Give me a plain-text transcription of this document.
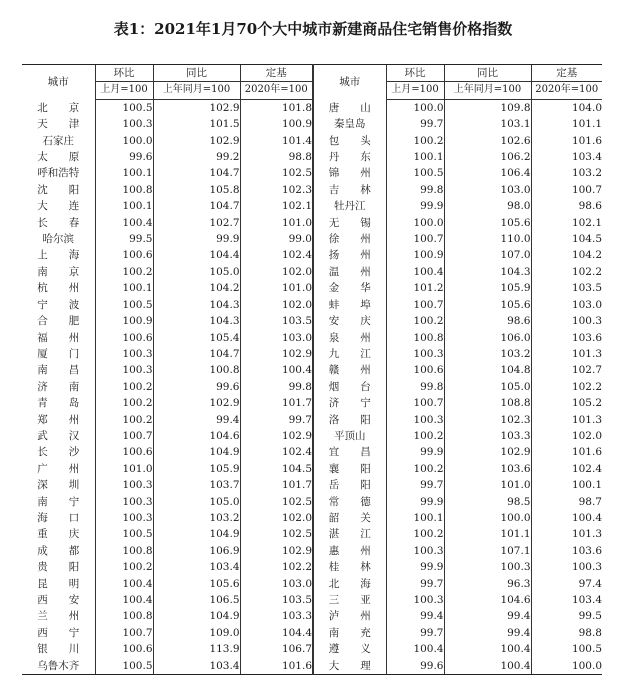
表1：2021年1月70个大中城市新建商品住宅销售价格指数
城市	环比	同比	定基	城市	环比	同比	定基
	上月=100	上年同月=100	2020年=100		上月=100	上年同月=100	2020年=100
北　　京	100.5	102.9	101.8	唐　　山	100.0	109.8	104.0
天　　津	100.3	101.5	100.9	秦皇岛	99.7	103.1	101.1
石家庄	100.0	102.9	101.4	包　　头	100.2	102.6	101.6
太　　原	99.6	99.2	98.8	丹　　东	100.1	106.2	103.4
呼和浩特	100.1	104.7	102.5	锦　　州	100.5	106.4	103.2
沈　　阳	100.8	105.8	102.3	吉　　林	99.8	103.0	100.7
大　　连	100.1	104.7	102.1	牡丹江	99.9	98.0	98.6
长　　春	100.4	102.7	101.0	无　　锡	100.0	105.6	102.1
哈尔滨	99.5	99.9	99.0	徐　　州	100.7	110.0	104.5
上　　海	100.6	104.4	102.4	扬　　州	100.9	107.0	104.2
南　　京	100.2	105.0	102.0	温　　州	100.4	104.3	102.2
杭　　州	100.1	104.2	101.0	金　　华	101.2	105.9	103.5
宁　　波	100.5	104.3	102.0	蚌　　埠	100.7	105.6	103.0
合　　肥	100.9	104.3	103.5	安　　庆	100.2	98.6	100.3
福　　州	100.6	105.4	103.0	泉　　州	100.8	106.0	103.6
厦　　门	100.3	104.7	102.9	九　　江	100.3	103.2	101.3
南　　昌	100.3	100.8	100.4	赣　　州	100.6	104.8	102.7
济　　南	100.2	99.6	99.8	烟　　台	99.8	105.0	102.2
青　　岛	100.2	102.9	101.7	济　　宁	100.7	108.8	105.2
郑　　州	100.2	99.4	99.7	洛　　阳	100.3	102.3	101.3
武　　汉	100.7	104.6	102.9	平顶山	100.2	103.3	102.0
长　　沙	100.6	104.9	102.4	宜　　昌	99.9	102.9	101.6
广　　州	101.0	105.9	104.5	襄　　阳	100.2	103.6	102.4
深　　圳	100.3	103.7	101.7	岳　　阳	99.7	101.0	100.1
南　　宁	100.3	105.0	102.5	常　　德	99.9	98.5	98.7
海　　口	100.3	103.2	102.0	韶　　关	100.1	100.0	100.4
重　　庆	100.5	104.9	102.5	湛　　江	100.2	101.1	101.3
成　　都	100.8	106.9	102.9	惠　　州	100.3	107.1	103.6
贵　　阳	100.2	103.4	102.2	桂　　林	99.9	100.3	100.3
昆　　明	100.4	105.6	103.0	北　　海	99.7	96.3	97.4
西　　安	100.4	106.5	103.5	三　　亚	100.3	104.6	103.4
兰　　州	100.8	104.9	103.3	泸　　州	99.4	99.4	99.5
西　　宁	100.7	109.0	104.4	南　　充	99.7	99.4	98.8
银　　川	100.6	113.9	106.7	遵　　义	100.4	100.4	100.5
乌鲁木齐	100.5	103.4	101.6	大　　理	99.6	100.4	100.0
